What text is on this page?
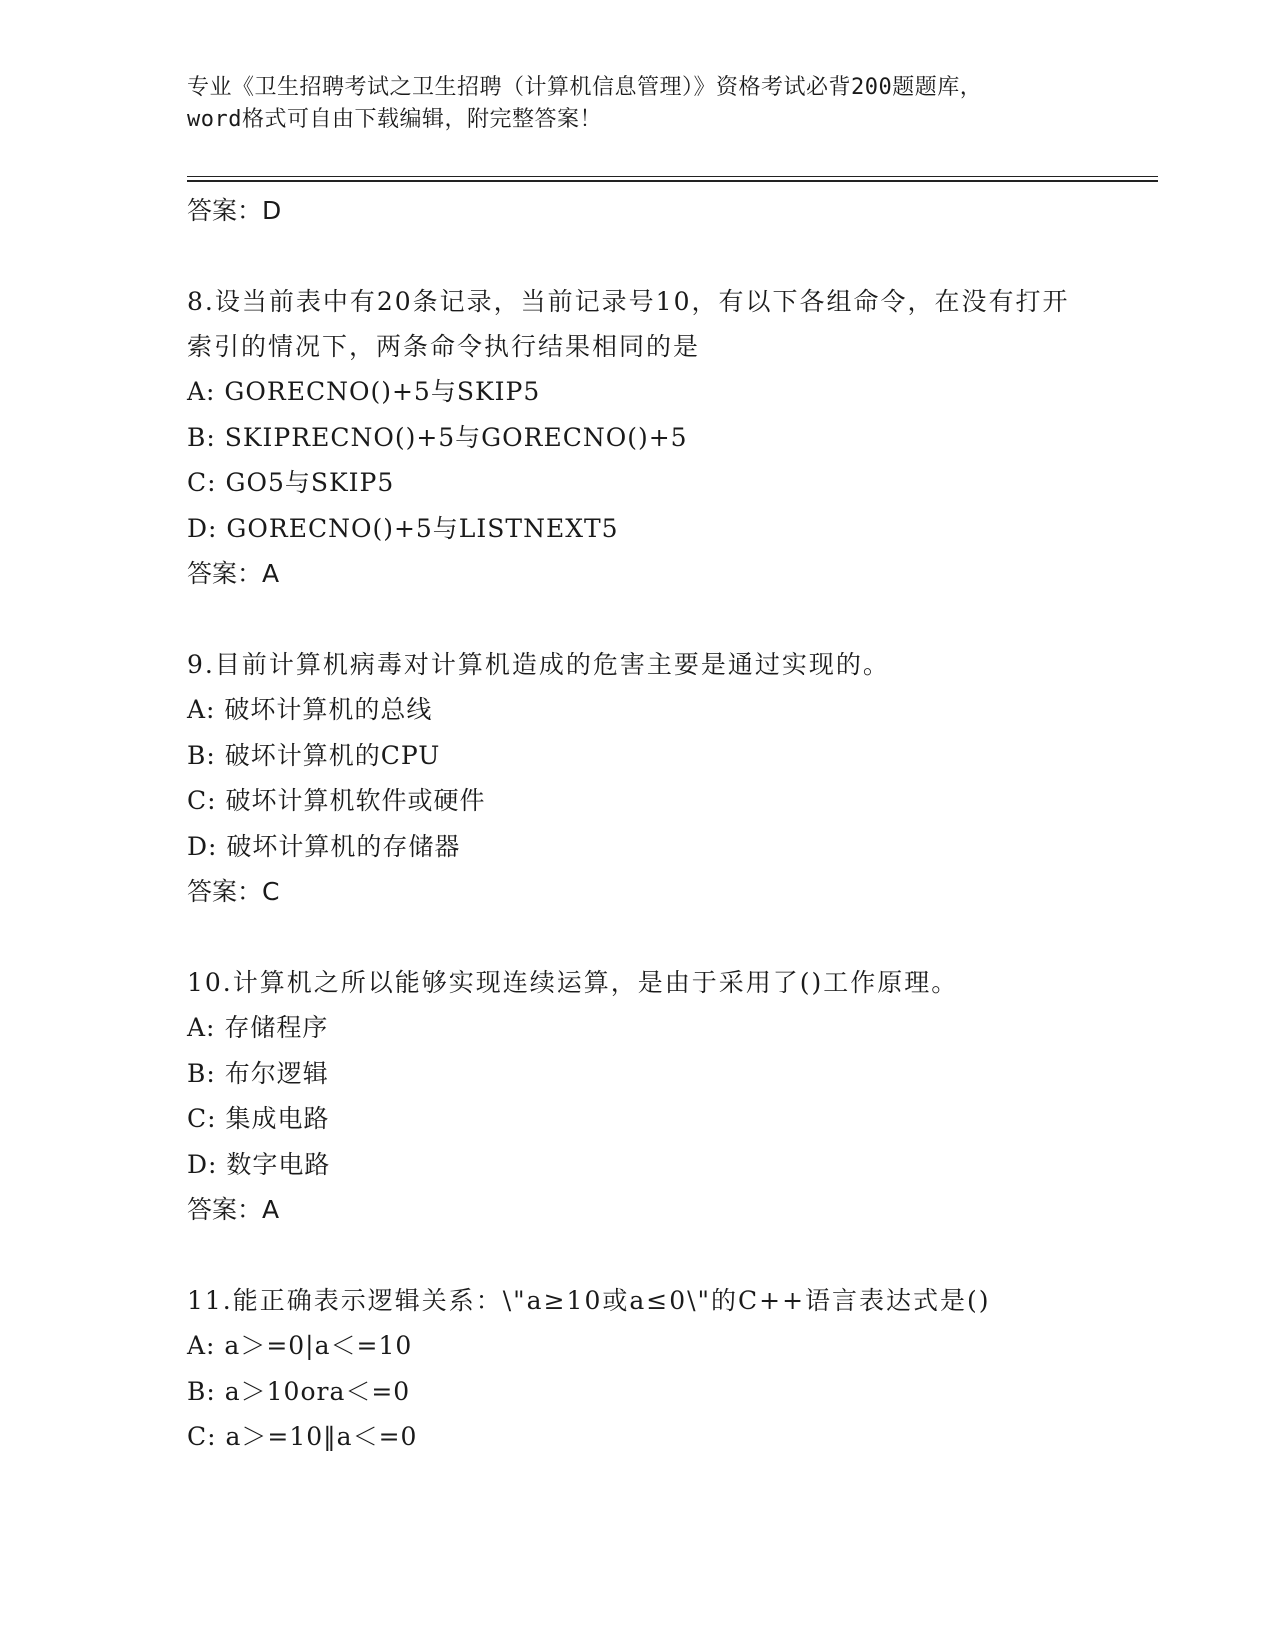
专业《卫生招聘考试之卫生招聘（计算机信息管理）》资格考试必背200题题库，
word格式可自由下载编辑，附完整答案！
答案：D
8.设当前表中有20条记录，当前记录号10，有以下各组命令，在没有打开索引的情况下，两条命令执行结果相同的是
A: GORECNO()+5与SKIP5
B: SKIPRECNO()+5与GORECNO()+5
C: GO5与SKIP5
D: GORECNO()+5与LISTNEXT5
答案：A
9.目前计算机病毒对计算机造成的危害主要是通过实现的。
A: 破坏计算机的总线
B: 破坏计算机的CPU
C: 破坏计算机软件或硬件
D: 破坏计算机的存储器
答案：C
10.计算机之所以能够实现连续运算，是由于采用了()工作原理。
A: 存储程序
B: 布尔逻辑
C: 集成电路
D: 数字电路
答案：A
11.能正确表示逻辑关系：\"a≥10或a≤0\"的C++语言表达式是()
A: a＞=0|a＜=10
B: a＞10ora＜=0
C: a＞=10‖a＜=0
